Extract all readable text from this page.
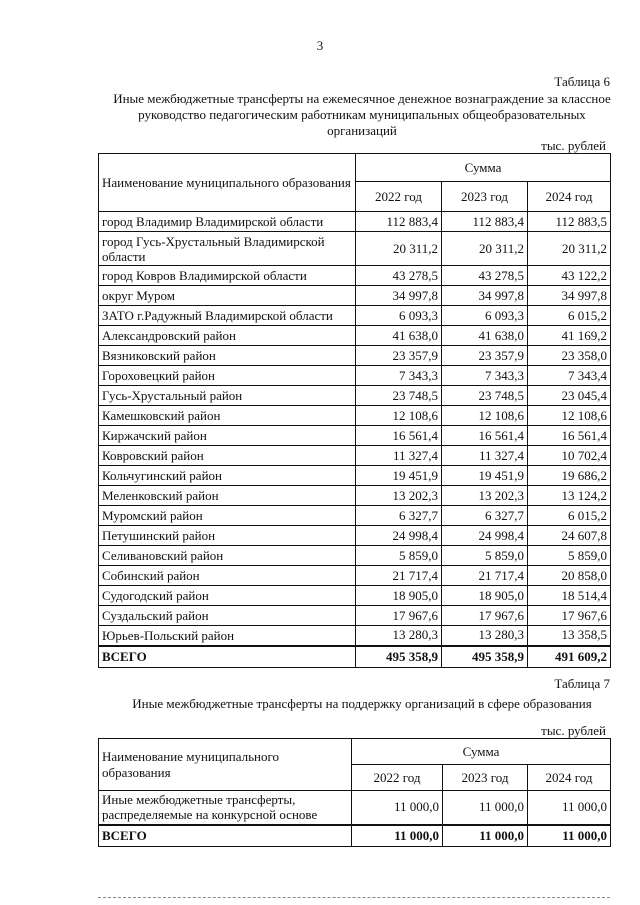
3
Таблица 6
Иные межбюджетные трансферты на ежемесячное денежное вознаграждение за классное
руководство педагогическим работникам муниципальных общеобразовательных
организаций
тыс. рублей
Наименование муниципального образования	Сумма		
	2022 год	2023 год	2024 год
город Владимир Владимирской области	112 883,4	112 883,4	112 883,5
город Гусь-Хрустальный Владимирской области	20 311,2	20 311,2	20 311,2
город Ковров Владимирской области	43 278,5	43 278,5	43 122,2
округ Муром	34 997,8	34 997,8	34 997,8
ЗАТО г.Радужный Владимирской области	6 093,3	6 093,3	6 015,2
Александровский район	41 638,0	41 638,0	41 169,2
Вязниковский район	23 357,9	23 357,9	23 358,0
Гороховецкий район	7 343,3	7 343,3	7 343,4
Гусь-Хрустальный район	23 748,5	23 748,5	23 045,4
Камешковский район	12 108,6	12 108,6	12 108,6
Киржачский район	16 561,4	16 561,4	16 561,4
Ковровский район	11 327,4	11 327,4	10 702,4
Кольчугинский район	19 451,9	19 451,9	19 686,2
Меленковский район	13 202,3	13 202,3	13 124,2
Муромский район	6 327,7	6 327,7	6 015,2
Петушинский район	24 998,4	24 998,4	24 607,8
Селивановский район	5 859,0	5 859,0	5 859,0
Собинский район	21 717,4	21 717,4	20 858,0
Судогодский район	18 905,0	18 905,0	18 514,4
Суздальский район	17 967,6	17 967,6	17 967,6
Юрьев-Польский район	13 280,3	13 280,3	13 358,5
ВСЕГО	495 358,9	495 358,9	491 609,2
Таблица 7
Иные межбюджетные трансферты на поддержку организаций в сфере образования
тыс. рублей
Наименование муниципального образования	Сумма		
	2022 год	2023 год	2024 год
Иные межбюджетные трансферты, распределяемые на конкурсной основе	11 000,0	11 000,0	11 000,0
ВСЕГО	11 000,0	11 000,0	11 000,0
